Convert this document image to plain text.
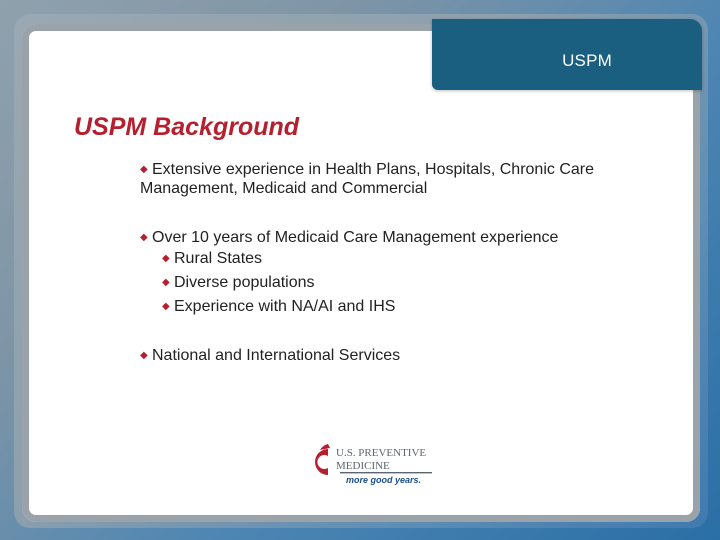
USPM
USPM Background

◆ Extensive experience in Health Plans, Hospitals, Chronic Care Management, Medicaid and Commercial

◆ Over 10 years of Medicaid Care Management experience

◆ Rural States

◆ Diverse populations

◆ Experience with NA/AI and IHS

◆ National and International Services

U.S. PREVENTIVE
MEDICINE
more good years.
